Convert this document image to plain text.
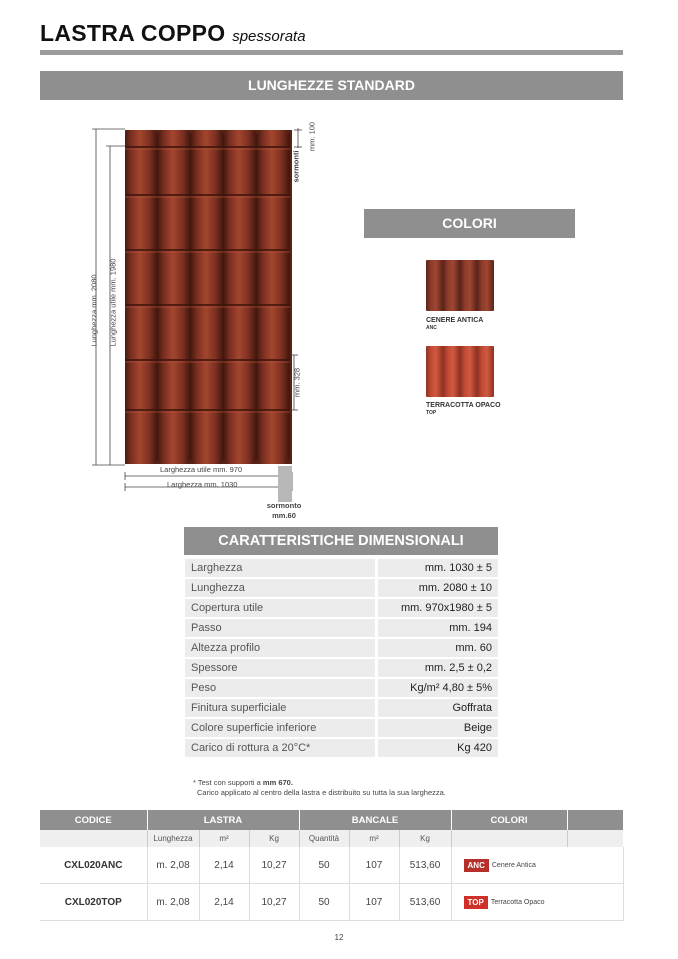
LASTRA COPPO spessorata
LUNGHEZZE STANDARD
Lunghezza mm. 2080 Lunghezza utile mm. 1980
mm. 100
sormonti
mm. 328
Larghezza utile mm. 970
Larghezza mm. 1030
sormonto
mm.60
COLORI
CENERE ANTICA
ANC
TERRACOTTA OPACO
TOP
CARATTERISTICHE DIMENSIONALI
Larghezza	mm. 1030 ± 5
Lunghezza	mm. 2080 ± 10
Copertura utile	mm. 970x1980 ± 5
Passo	mm. 194
Altezza profilo	mm. 60
Spessore	mm. 2,5 ± 0,2
Peso	Kg/m² 4,80 ± 5%
Finitura superficiale	Goffrata
Colore superficie inferiore	Beige
Carico di rottura a 20°C*	Kg 420
* Test con supporti a mm 670.
Carico applicato al centro della lastra e distribuito su tutta la sua larghezza.
CODICE	LASTRA			BANCALE			COLORI	
	Lunghezza	m²	Kg	Quantità	m²	Kg		
CXL020ANC	m. 2,08	2,14	10,27	50	107	513,60	ANC Cenere Antica	
CXL020TOP	m. 2,08	2,14	10,27	50	107	513,60	TOP Terracotta Opaco	
12
